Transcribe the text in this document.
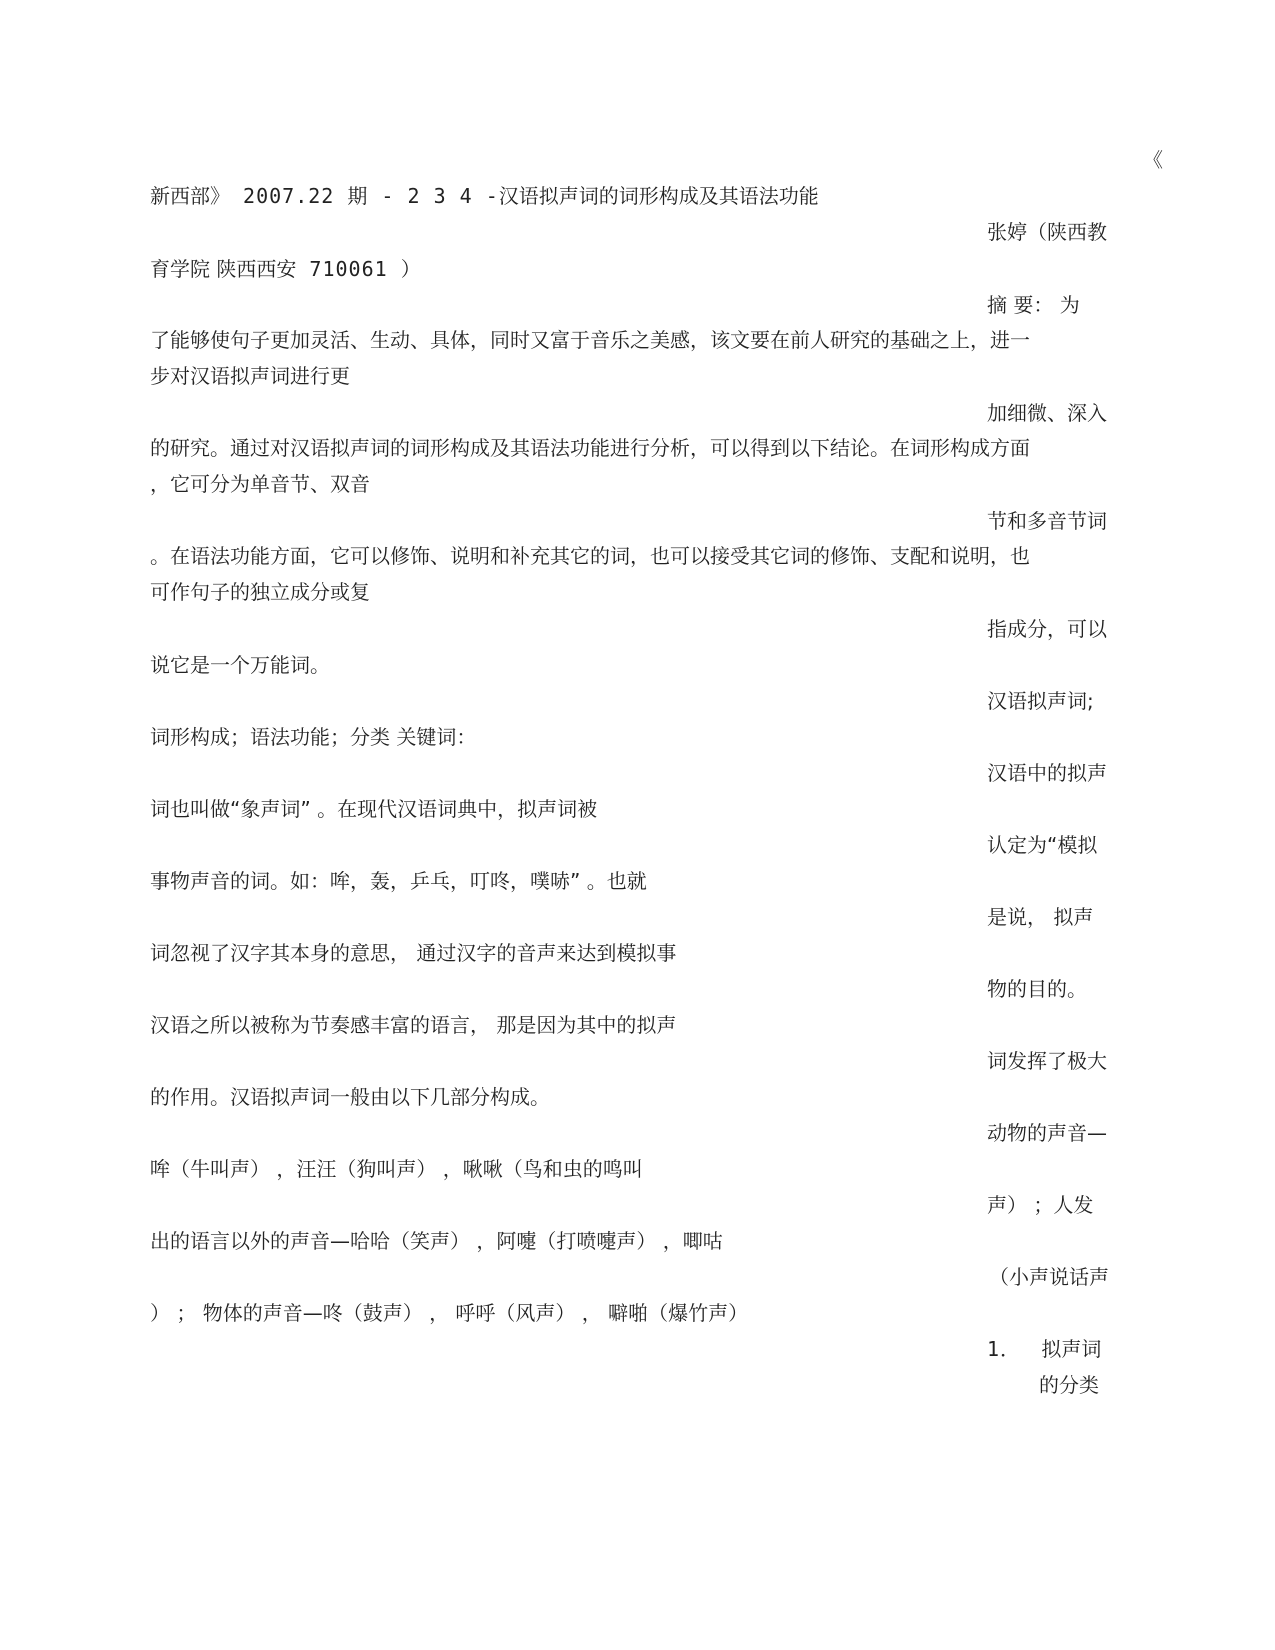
《
新西部》 2007.22 期 - 2 3 4 -汉语拟声词的词形构成及其语法功能
张婷（陕西教
育学院 陕西西安 710061 ）
摘 要： 为
了能够使句子更加灵活、生动、具体，同时又富于音乐之美感，该文要在前人研究的基础之上，进一
步对汉语拟声词进行更
加细微、深入
的研究。通过对汉语拟声词的词形构成及其语法功能进行分析，可以得到以下结论。在词形构成方面
，它可分为单音节、双音
节和多音节词
。在语法功能方面，它可以修饰、说明和补充其它的词，也可以接受其它词的修饰、支配和说明，也
可作句子的独立成分或复
指成分，可以
说它是一个万能词。
汉语拟声词;
词形构成；语法功能；分类 关键词：
汉语中的拟声
词也叫做“象声词” 。在现代汉语词典中，拟声词被
认定为“模拟
事物声音的词。如：哞，轰，乒乓，叮咚，噗哧” 。也就
是说， 拟声
词忽视了汉字其本身的意思， 通过汉字的音声来达到模拟事
物的目的。
汉语之所以被称为节奏感丰富的语言， 那是因为其中的拟声
词发挥了极大
的作用。汉语拟声词一般由以下几部分构成。
动物的声音—
哞（牛叫声） ，汪汪（狗叫声） ，啾啾（鸟和虫的鸣叫
声） ；人发
出的语言以外的声音—哈哈（笑声） ，阿嚏（打喷嚏声） ，唧咕
（小声说话声
） ； 物体的声音—咚（鼓声） ， 呼呼（风声） ， 噼啪（爆竹声）
1． 拟声词
的分类
